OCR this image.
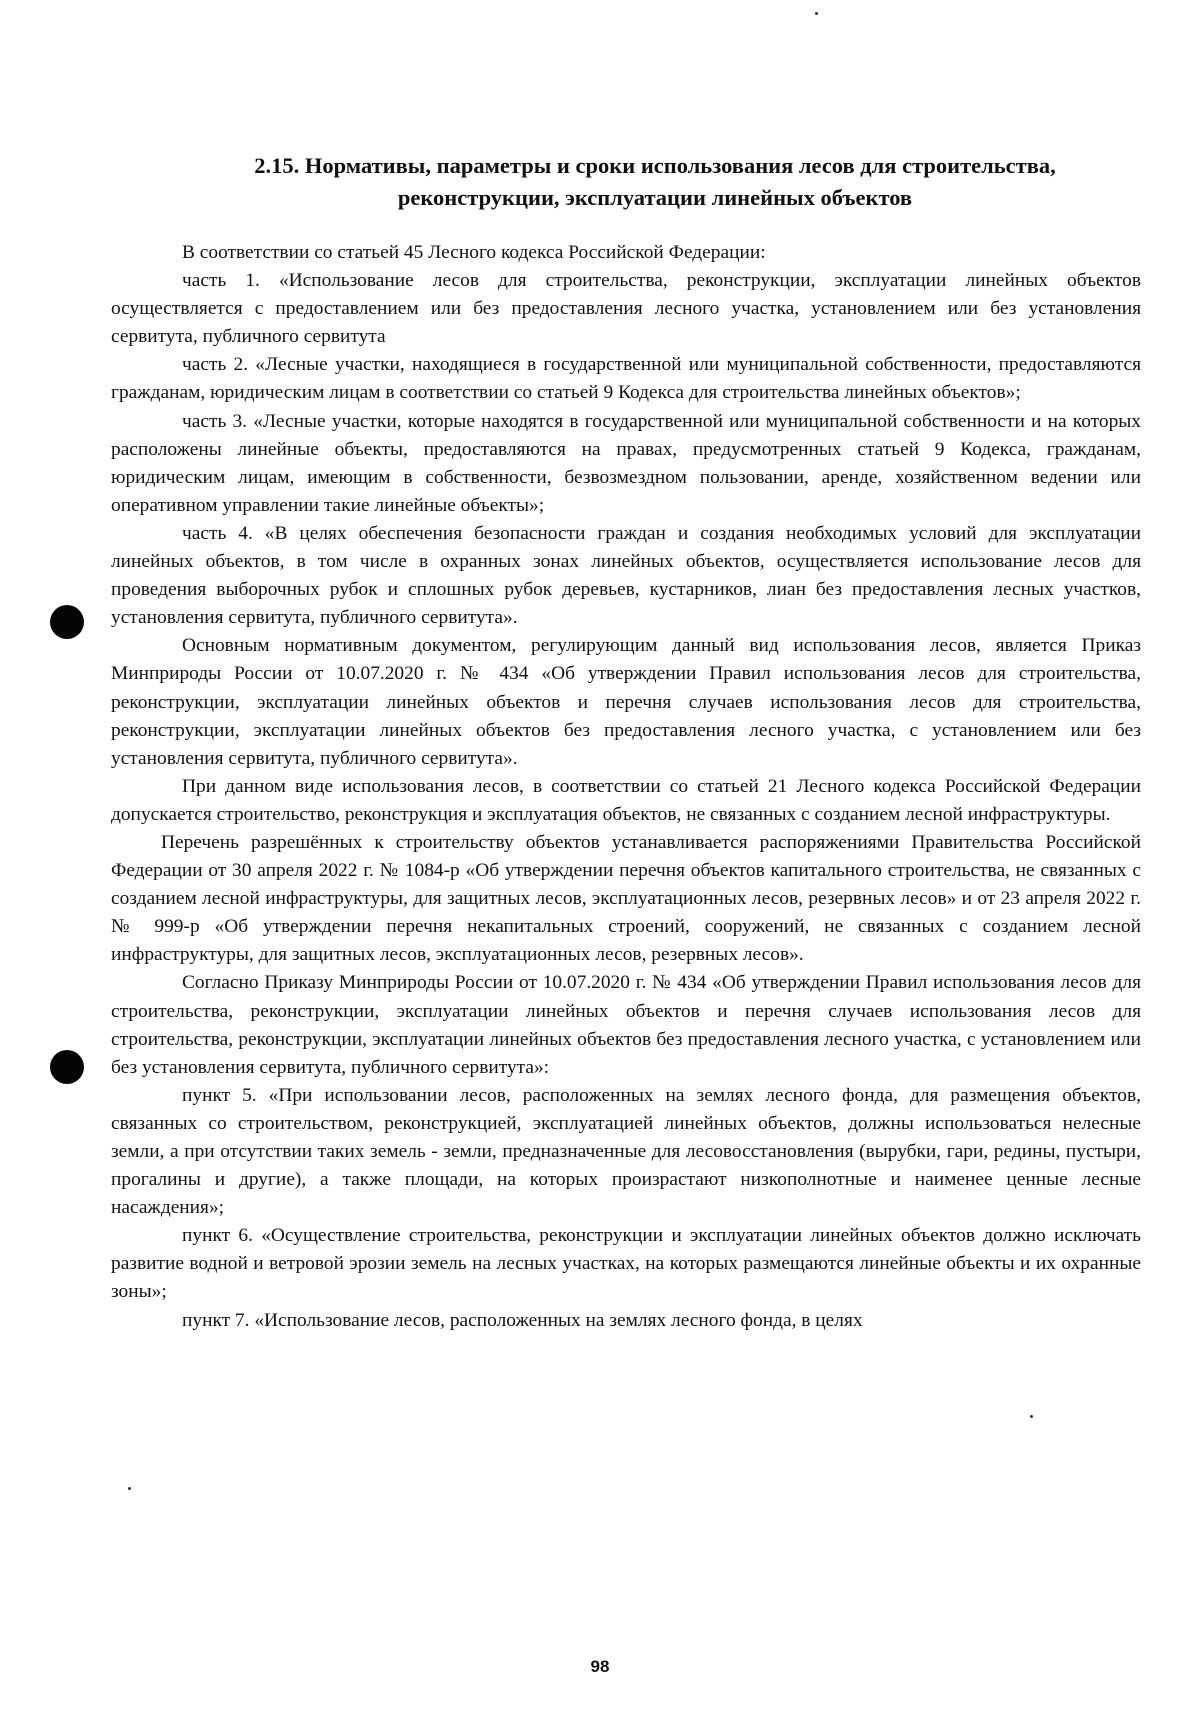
2.15. Нормативы, параметры и сроки использования лесов для строительства,
реконструкции, эксплуатации линейных объектов

В соответствии со статьей 45 Лесного кодекса Российской Федерации:

часть 1. «Использование лесов для строительства, реконструкции, эксплуатации линейных объектов осуществляется с предоставлением или без предоставления лесного участка, установлением или без установления сервитута, публичного сервитута

часть 2. «Лесные участки, находящиеся в государственной или муниципальной собственности, предоставляются гражданам, юридическим лицам в соответствии со статьей 9 Кодекса для строительства линейных объектов»;

часть 3. «Лесные участки, которые находятся в государственной или муниципальной собственности и на которых расположены линейные объекты, предоставляются на правах, предусмотренных статьей 9 Кодекса, гражданам, юридическим лицам, имеющим в собственности, безвозмездном пользовании, аренде, хозяйственном ведении или оперативном управлении такие линейные объекты»;

часть 4. «В целях обеспечения безопасности граждан и создания необходимых условий для эксплуатации линейных объектов, в том числе в охранных зонах линейных объектов, осуществляется использование лесов для проведения выборочных рубок и сплошных рубок деревьев, кустарников, лиан без предоставления лесных участков, установления сервитута, публичного сервитута».

Основным нормативным документом, регулирующим данный вид использования лесов, является Приказ Минприроды России от 10.07.2020 г. № 434 «Об утверждении Правил использования лесов для строительства, реконструкции, эксплуатации линейных объектов и перечня случаев использования лесов для строительства, реконструкции, эксплуатации линейных объектов без предоставления лесного участка, с установлением или без установления сервитута, публичного сервитута».

При данном виде использования лесов, в соответствии со статьей 21 Лесного кодекса Российской Федерации допускается строительство, реконструкция и эксплуатация объектов, не связанных с созданием лесной инфраструктуры.

Перечень разрешённых к строительству объектов устанавливается распоряжениями Правительства Российской Федерации от 30 апреля 2022 г. № 1084-р «Об утверждении перечня объектов капитального строительства, не связанных с созданием лесной инфраструктуры, для защитных лесов, эксплуатационных лесов, резервных лесов» и от 23 апреля 2022 г. № 999-р «Об утверждении перечня некапитальных строений, сооружений, не связанных с созданием лесной инфраструктуры, для защитных лесов, эксплуатационных лесов, резервных лесов».

Согласно Приказу Минприроды России от 10.07.2020 г. № 434 «Об утверждении Правил использования лесов для строительства, реконструкции, эксплуатации линейных объектов и перечня случаев использования лесов для строительства, реконструкции, эксплуатации линейных объектов без предоставления лесного участка, с установлением или без установления сервитута, публичного сервитута»:

пункт 5. «При использовании лесов, расположенных на землях лесного фонда, для размещения объектов, связанных со строительством, реконструкцией, эксплуатацией линейных объектов, должны использоваться нелесные земли, а при отсутствии таких земель - земли, предназначенные для лесовосстановления (вырубки, гари, редины, пустыри, прогалины и другие), а также площади, на которых произрастают низкополнотные и наименее ценные лесные насаждения»;

пункт 6. «Осуществление строительства, реконструкции и эксплуатации линейных объектов должно исключать развитие водной и ветровой эрозии земель на лесных участках, на которых размещаются линейные объекты и их охранные зоны»;

пункт 7. «Использование лесов, расположенных на землях лесного фонда, в целях

98
